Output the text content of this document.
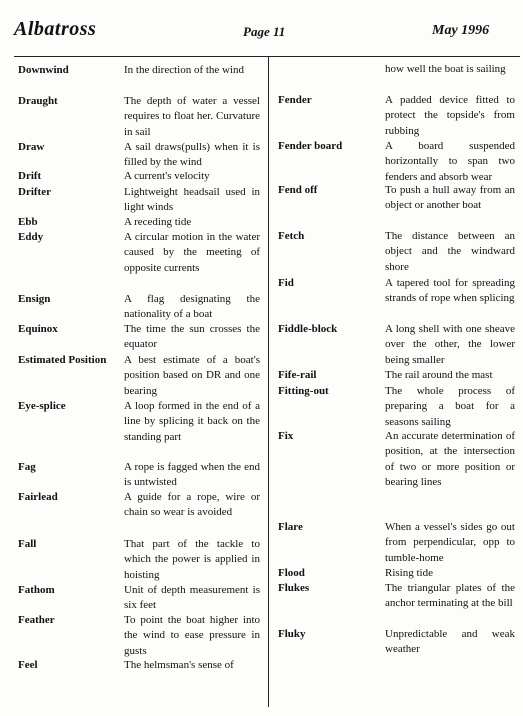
Albatross	Page 11	May 1996
Downwind	In the direction of the wind
Draught	The depth of water a vessel requires to float her. Curvature in sail
Draw	A sail draws(pulls) when it is filled by the wind
Drift	A current's velocity
Drifter	Lightweight headsail used in light winds
Ebb	A receding tide
Eddy	A circular motion in the water caused by the meeting of opposite currents
Ensign	A flag designating the nationality of a boat
Equinox	The time the sun crosses the equator
Estimated Position	A best estimate of a boat's position based on DR and one bearing
Eye-splice	A loop formed in the end of a line by splicing it back on the standing part
Fag	A rope is fagged when the end is untwisted
Fairlead	A guide for a rope, wire or chain so wear is avoided
Fall	That part of the tackle to which the power is applied in hoisting
Fathom	Unit of depth measurement is six feet
Feather	To point the boat higher into the wind to ease pressure in gusts
Feel	The helmsman's sense of
how well the boat is sailing
Fender	A padded device fitted to protect the topside's from rubbing
Fender board	A board suspended horizontally to span two fenders and absorb wear
Fend off	To push a hull away from an object or another boat
Fetch	The distance between an object and the windward shore
Fid	A tapered tool for spreading strands of rope when splicing
Fiddle-block	A long shell with one sheave over the other, the lower being smaller
Fife-rail	The rail around the mast
Fitting-out	The whole process of preparing a boat for a seasons sailing
Fix	An accurate determination of position, at the intersection of two or more position or bearing lines
Flare	When a vessel's sides go out from perpendicular, opp to tumble-home
Flood	Rising tide
Flukes	The triangular plates of the anchor terminating at the bill
Fluky	Unpredictable and weak weather
